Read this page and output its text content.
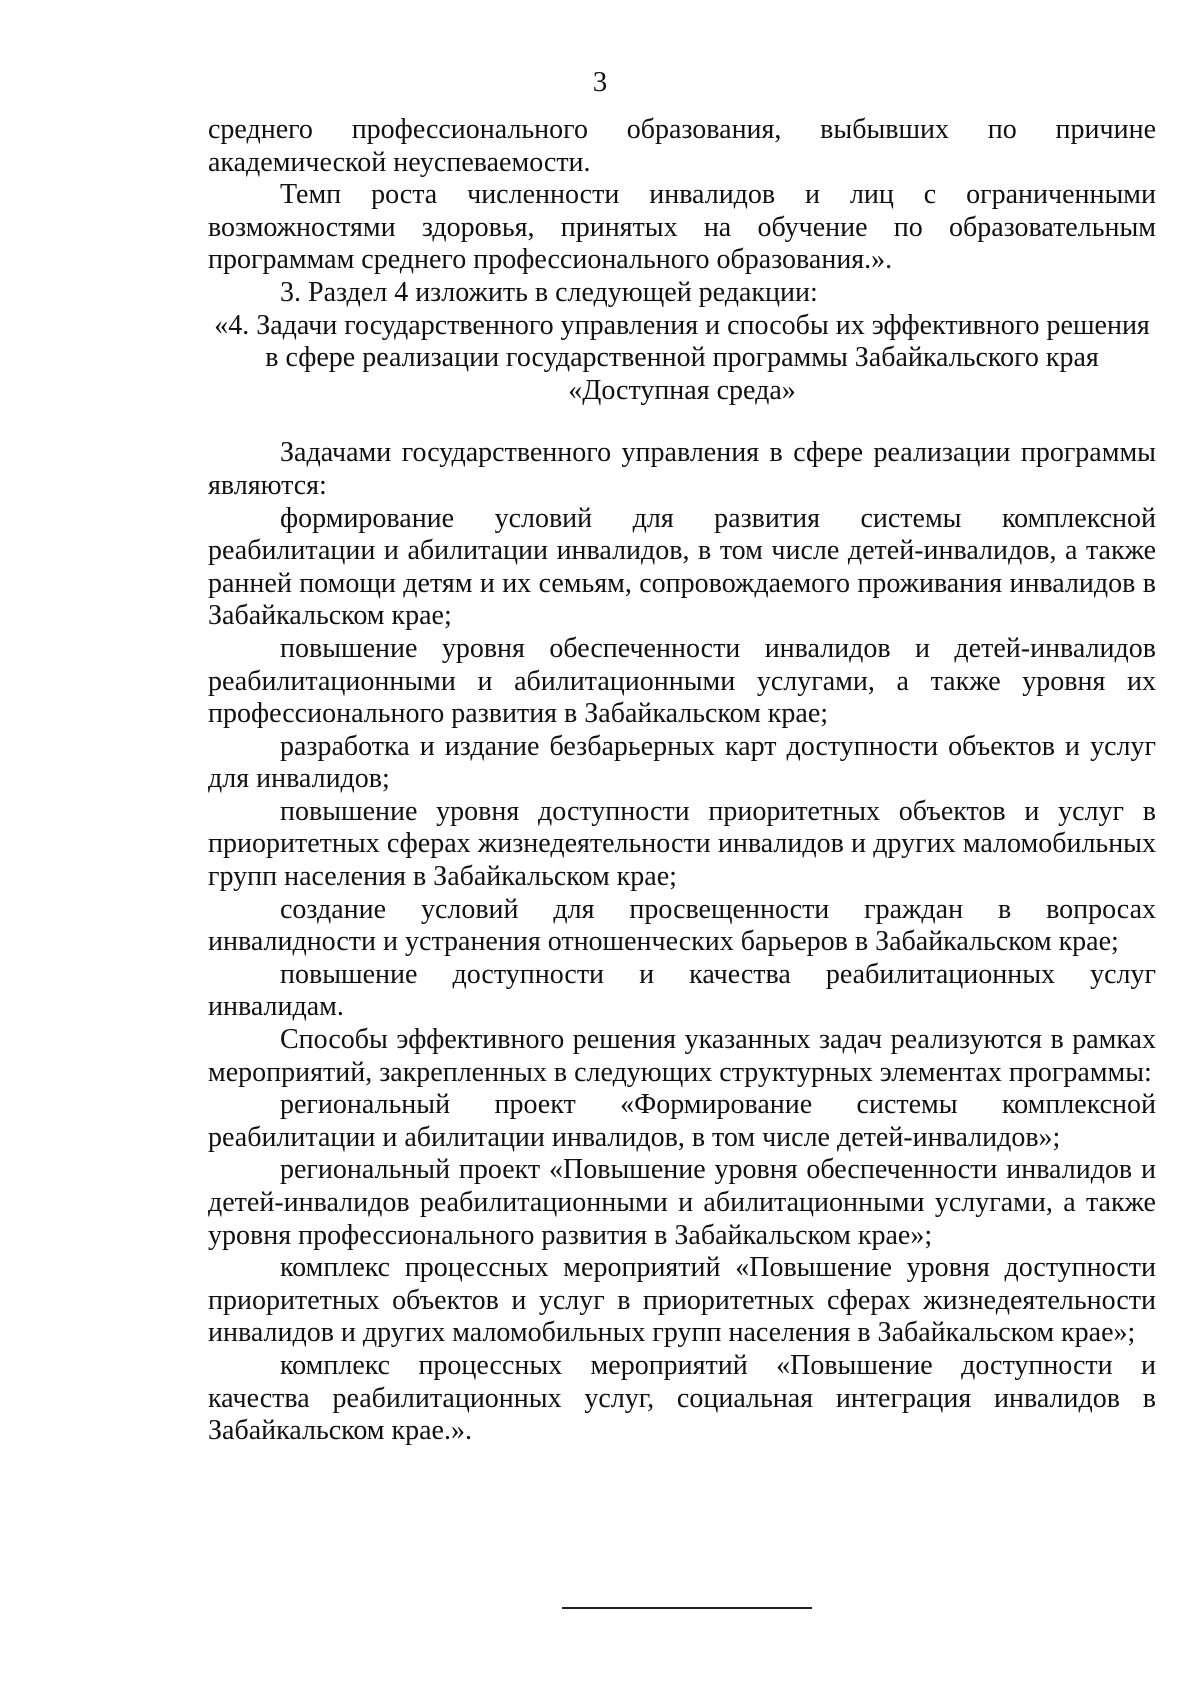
3

среднего профессионального образования, выбывших по причине академической неуспеваемости.

Темп роста численности инвалидов и лиц с ограниченными возможностями здоровья, принятых на обучение по образовательным программам среднего профессионального образования.».

3. Раздел 4 изложить в следующей редакции:

«4. Задачи государственного управления и способы их эффективного решения в сфере реализации государственной программы Забайкальского края «Доступная среда»

Задачами государственного управления в сфере реализации программы являются:

формирование условий для развития системы комплексной реабилитации и абилитации инвалидов, в том числе детей-инвалидов, а также ранней помощи детям и их семьям, сопровождаемого проживания инвалидов в Забайкальском крае;

повышение уровня обеспеченности инвалидов и детей-инвалидов реабилитационными и абилитационными услугами, а также уровня их профессионального развития в Забайкальском крае;

разработка и издание безбарьерных карт доступности объектов и услуг для инвалидов;

повышение уровня доступности приоритетных объектов и услуг в приоритетных сферах жизнедеятельности инвалидов и других маломобильных групп населения в Забайкальском крае;

создание условий для просвещенности граждан в вопросах инвалидности и устранения отношенческих барьеров в Забайкальском крае;

повышение доступности и качества реабилитационных услуг инвалидам.

Способы эффективного решения указанных задач реализуются в рамках мероприятий, закрепленных в следующих структурных элементах программы:

региональный проект «Формирование системы комплексной реабилитации и абилитации инвалидов, в том числе детей-инвалидов»;

региональный проект «Повышение уровня обеспеченности инвалидов и детей-инвалидов реабилитационными и абилитационными услугами, а также уровня профессионального развития в Забайкальском крае»;

комплекс процессных мероприятий «Повышение уровня доступности приоритетных объектов и услуг в приоритетных сферах жизнедеятельности инвалидов и других маломобильных групп населения в Забайкальском крае»;

комплекс процессных мероприятий «Повышение доступности и качества реабилитационных услуг, социальная интеграция инвалидов в Забайкальском крае.».
